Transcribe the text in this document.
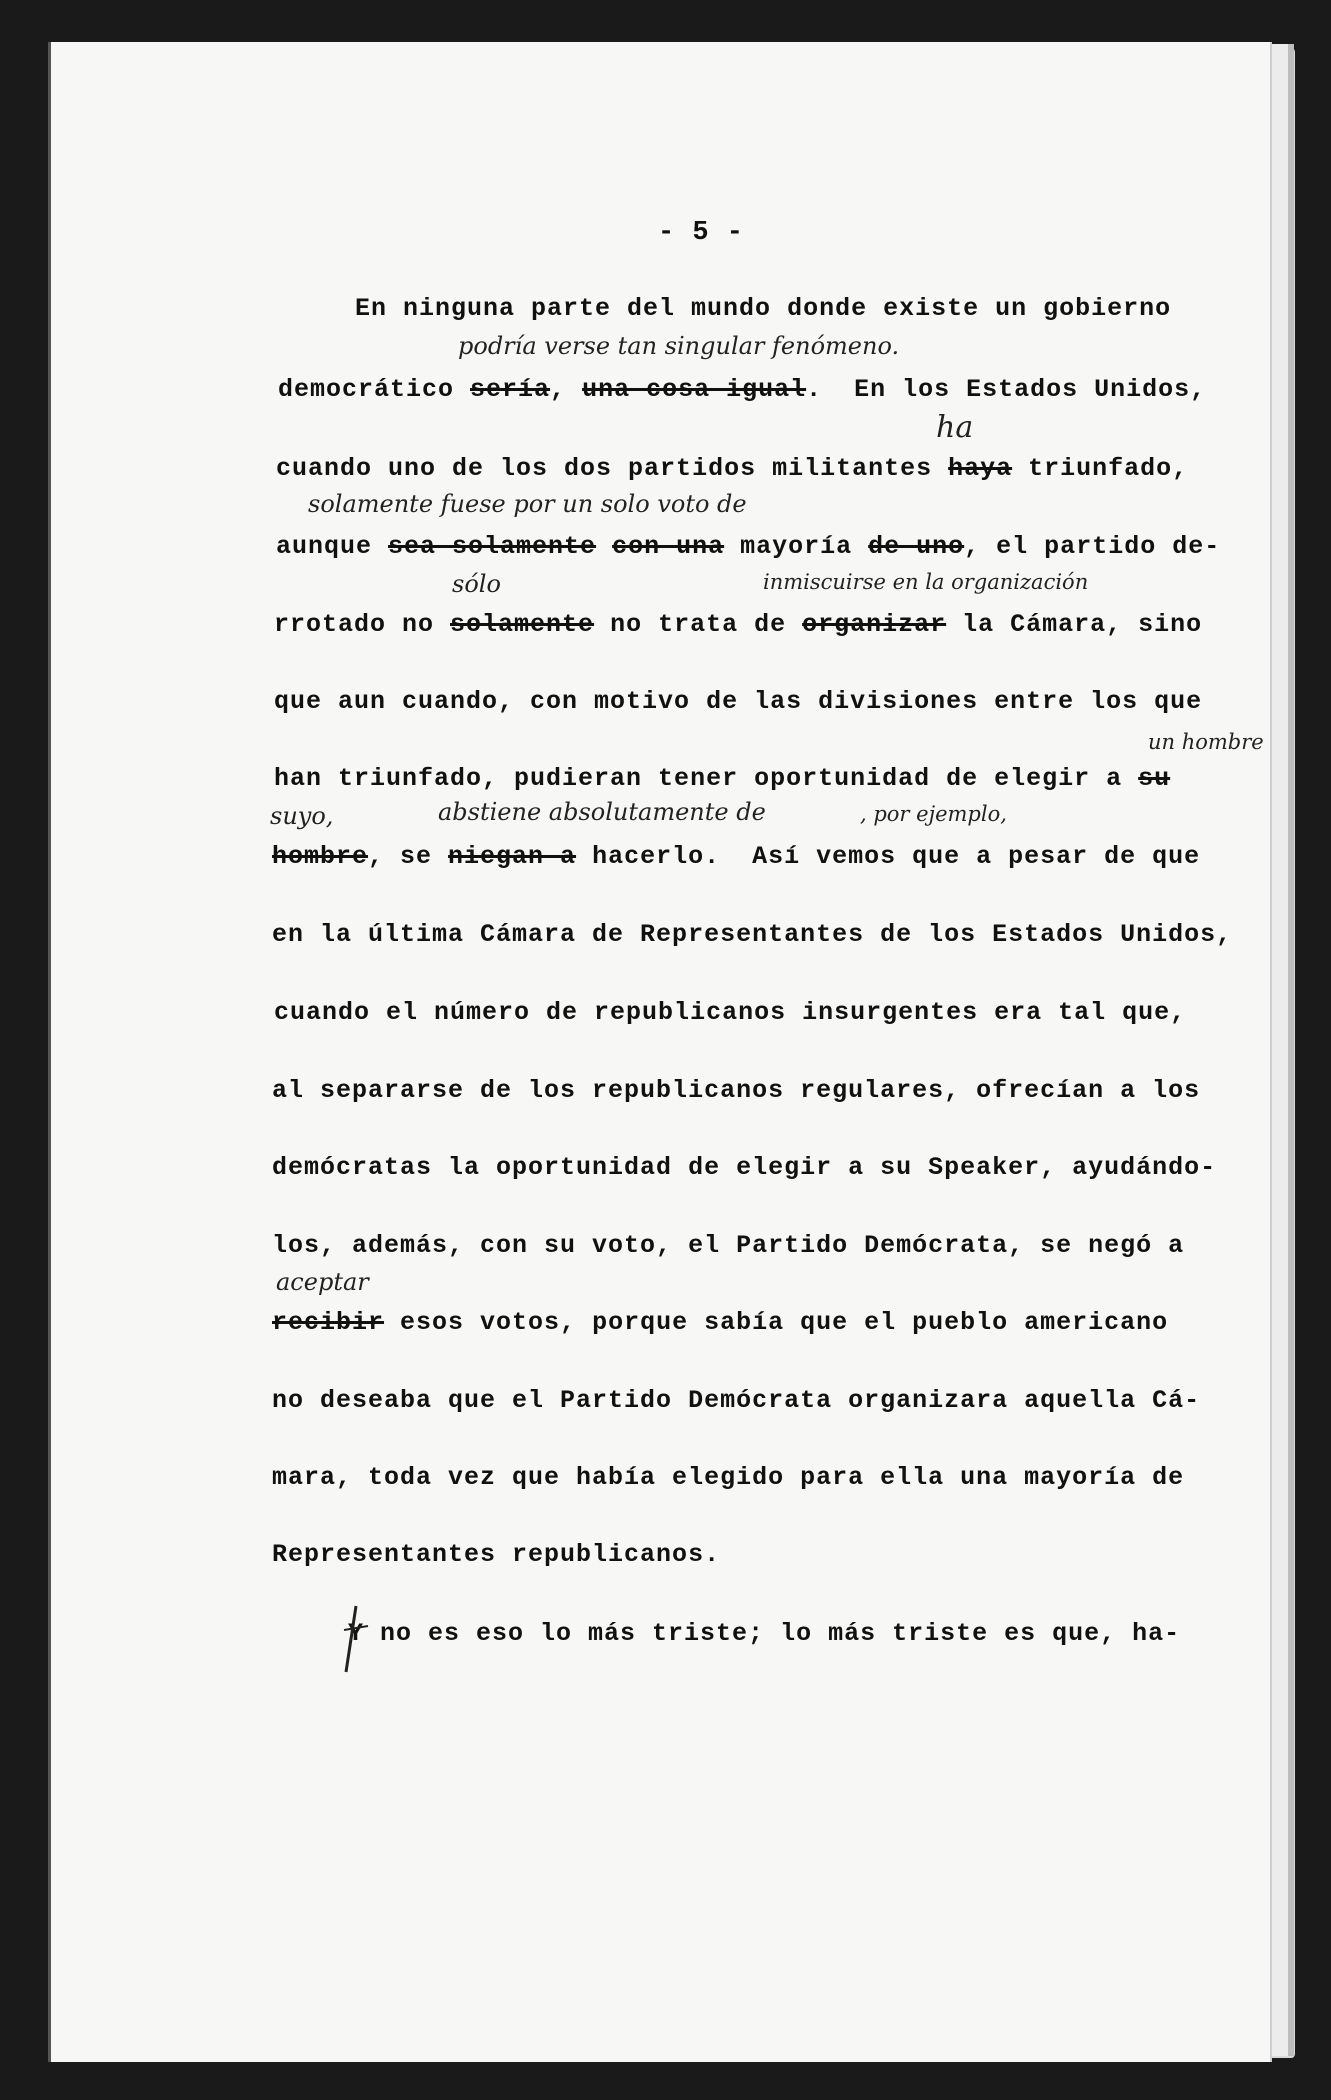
- 5 -
En ninguna parte del mundo donde existe un gobierno
democrático sería, una cosa igual.  En los Estados Unidos,
cuando uno de los dos partidos militantes haya triunfado,
aunque sea solamente con una mayoría de uno, el partido de-
rrotado no solamente no trata de organizar la Cámara, sino
que aun cuando, con motivo de las divisiones entre los que
han triunfado, pudieran tener oportunidad de elegir a su
hombre, se niegan a hacerlo.  Así vemos que a pesar de que
en la última Cámara de Representantes de los Estados Unidos,
cuando el número de republicanos insurgentes era tal que,
al separarse de los republicanos regulares, ofrecían a los
demócratas la oportunidad de elegir a su Speaker, ayudándo-
los, además, con su voto, el Partido Demócrata, se negó a
recibir esos votos, porque sabía que el pueblo americano
no deseaba que el Partido Demócrata organizara aquella Cá-
mara, toda vez que había elegido para ella una mayoría de
Representantes republicanos.
Y no es eso lo más triste; lo más triste es que, ha-
podría verse tan singular fenómeno.
ha
solamente fuese por un solo voto de
sólo	inmiscuirse en la organización
un hombre
suyo,	abstiene absolutamente de	, por ejemplo,
aceptar
